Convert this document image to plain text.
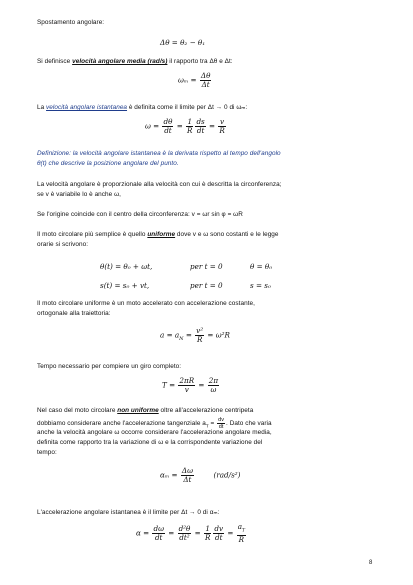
Spostamento angolare:
Δθ = θ₂ − θ₁
Si definisce velocità angolare media (rad/s) il rapporto tra Δθ e Δt:
$\omega_m = \frac{\Delta\theta}{\Delta t}$
La velocità angolare istantanea è definita come il limite per Δt → 0 di ωₘ:
$\omega = \frac{d\theta}{dt} = \frac{1}{R} \frac{ds}{dt} = \frac{v}{R}$
Definizione: la velocità angolare istantanea è la derivata rispetto al tempo dell'angolo
θ(t) che descrive la posizione angolare del punto.
La velocità angolare è proporzionale alla velocità con cui è descritta la circonferenza;
se v è variabile lo è anche ω,
Se l'origine coincide con il centro della circonferenza: v = ωr sin φ = ωR
Il moto circolare più semplice è quello uniforme dove v e ω sono costanti e le legge
orarie si scrivono:
θ(t) = θ₀ + ωt,	per t = 0	θ = θ₀
s(t) = s₀ + vt,	per t = 0	s = s₀
Il moto circolare uniforme è un moto accelerato con accelerazione costante,
ortogonale alla traiettoria:
$a = a_N = \frac{\text{v²}}{R} = \omega^2R$
Tempo necessario per compiere un giro completo:
$T = \frac{2\pi R}{v} = \frac{2\pi}{\omega}$
Nel caso del moto circolare non uniforme oltre all'accelerazione centripeta
dobbiamo considerare anche l'accelerazione tangenziale $a_T = \frac{dv}{dt}$ . Dato che varia
anche la velocità angolare ω occorre considerare l'accelerazione angolare media,
definita come rapporto tra la variazione di ω e la corrispondente variazione del
tempo:
$\alpha_m = \frac{\Delta\omega}{\Delta t}$	(rad/s²)
L'accelerazione angolare istantanea è il limite per Δt → 0 di αₘ:
$\alpha = \frac{d\omega}{dt} = \frac{\text{d²θ}}{\text{dt²}} = \frac{1}{R} \frac{dv}{dt} = \frac{a_T}{R}$
8
